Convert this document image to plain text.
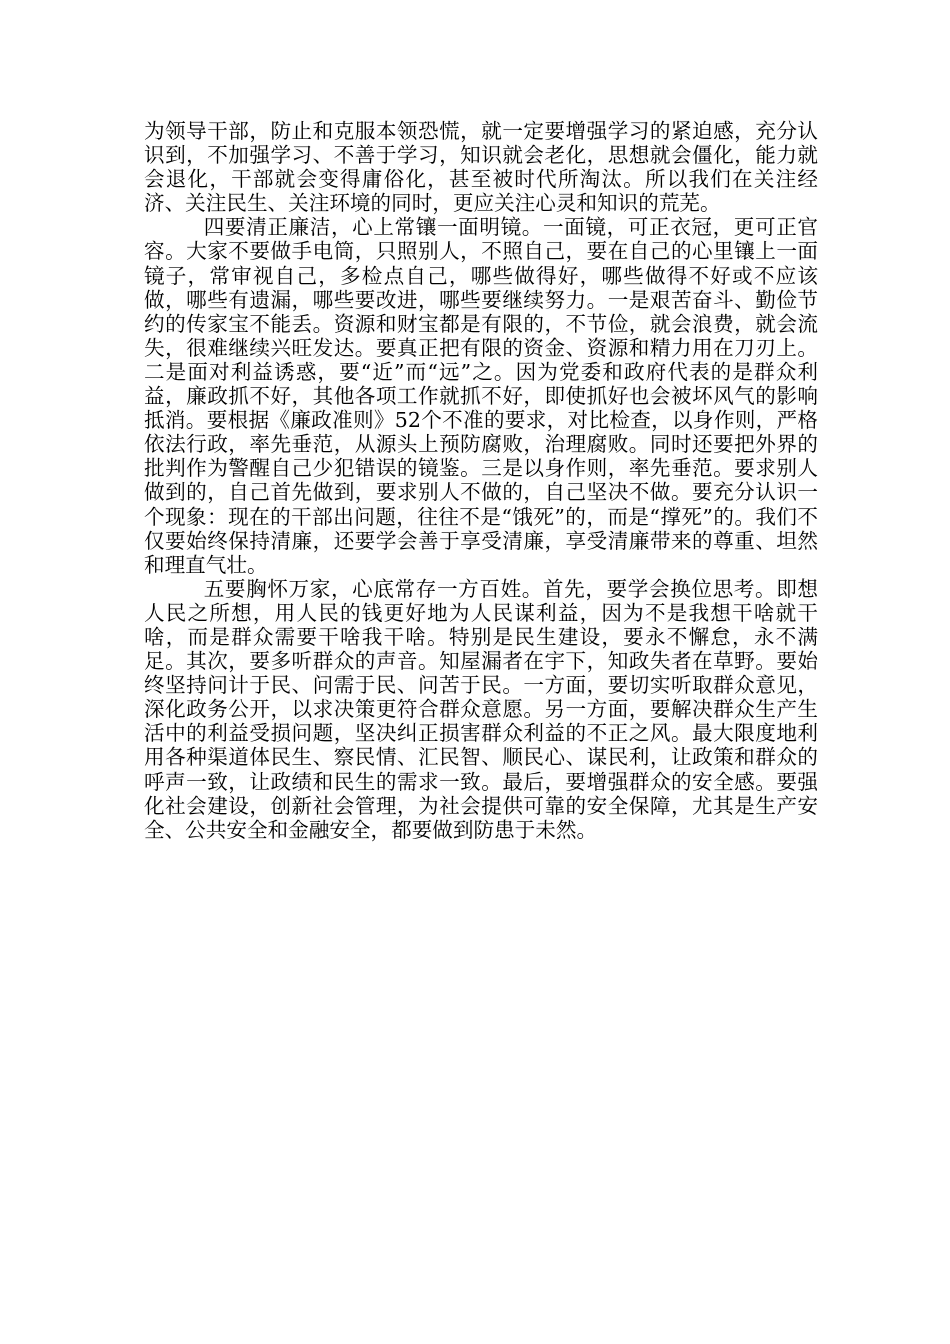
为领导干部，防止和克服本领恐慌，就一定要增强学习的紧迫感，充分认识到，不加强学习、不善于学习，知识就会老化，思想就会僵化，能力就会退化，干部就会变得庸俗化，甚至被时代所淘汰。所以我们在关注经济、关注民生、关注环境的同时，更应关注心灵和知识的荒芜。

四要清正廉洁，心上常镶一面明镜。一面镜，可正衣冠，更可正官容。大家不要做手电筒，只照别人，不照自己，要在自己的心里镶上一面镜子，常审视自己，多检点自己，哪些做得好，哪些做得不好或不应该做，哪些有遗漏，哪些要改进，哪些要继续努力。一是艰苦奋斗、勤俭节约的传家宝不能丢。资源和财宝都是有限的，不节俭，就会浪费，就会流失，很难继续兴旺发达。要真正把有限的资金、资源和精力用在刀刃上。二是面对利益诱惑，要“近”而“远”之。因为党委和政府代表的是群众利益，廉政抓不好，其他各项工作就抓不好，即使抓好也会被坏风气的影响抵消。要根据《廉政准则》52个不准的要求，对比检查，以身作则，严格依法行政，率先垂范，从源头上预防腐败，治理腐败。同时还要把外界的批判作为警醒自己少犯错误的镜鉴。三是以身作则，率先垂范。要求别人做到的，自己首先做到，要求别人不做的，自己坚决不做。要充分认识一个现象：现在的干部出问题，往往不是“饿死”的，而是“撑死”的。我们不仅要始终保持清廉，还要学会善于享受清廉，享受清廉带来的尊重、坦然和理直气壮。

五要胸怀万家，心底常存一方百姓。首先，要学会换位思考。即想人民之所想，用人民的钱更好地为人民谋利益，因为不是我想干啥就干啥，而是群众需要干啥我干啥。特别是民生建设，要永不懈怠，永不满足。其次，要多听群众的声音。知屋漏者在宇下，知政失者在草野。要始终坚持问计于民、问需于民、问苦于民。一方面，要切实听取群众意见，深化政务公开，以求决策更符合群众意愿。另一方面，要解决群众生产生活中的利益受损问题，坚决纠正损害群众利益的不正之风。最大限度地利用各种渠道体民生、察民情、汇民智、顺民心、谋民利，让政策和群众的呼声一致，让政绩和民生的需求一致。最后，要增强群众的安全感。要强化社会建设，创新社会管理，为社会提供可靠的安全保障，尤其是生产安全、公共安全和金融安全，都要做到防患于未然。
